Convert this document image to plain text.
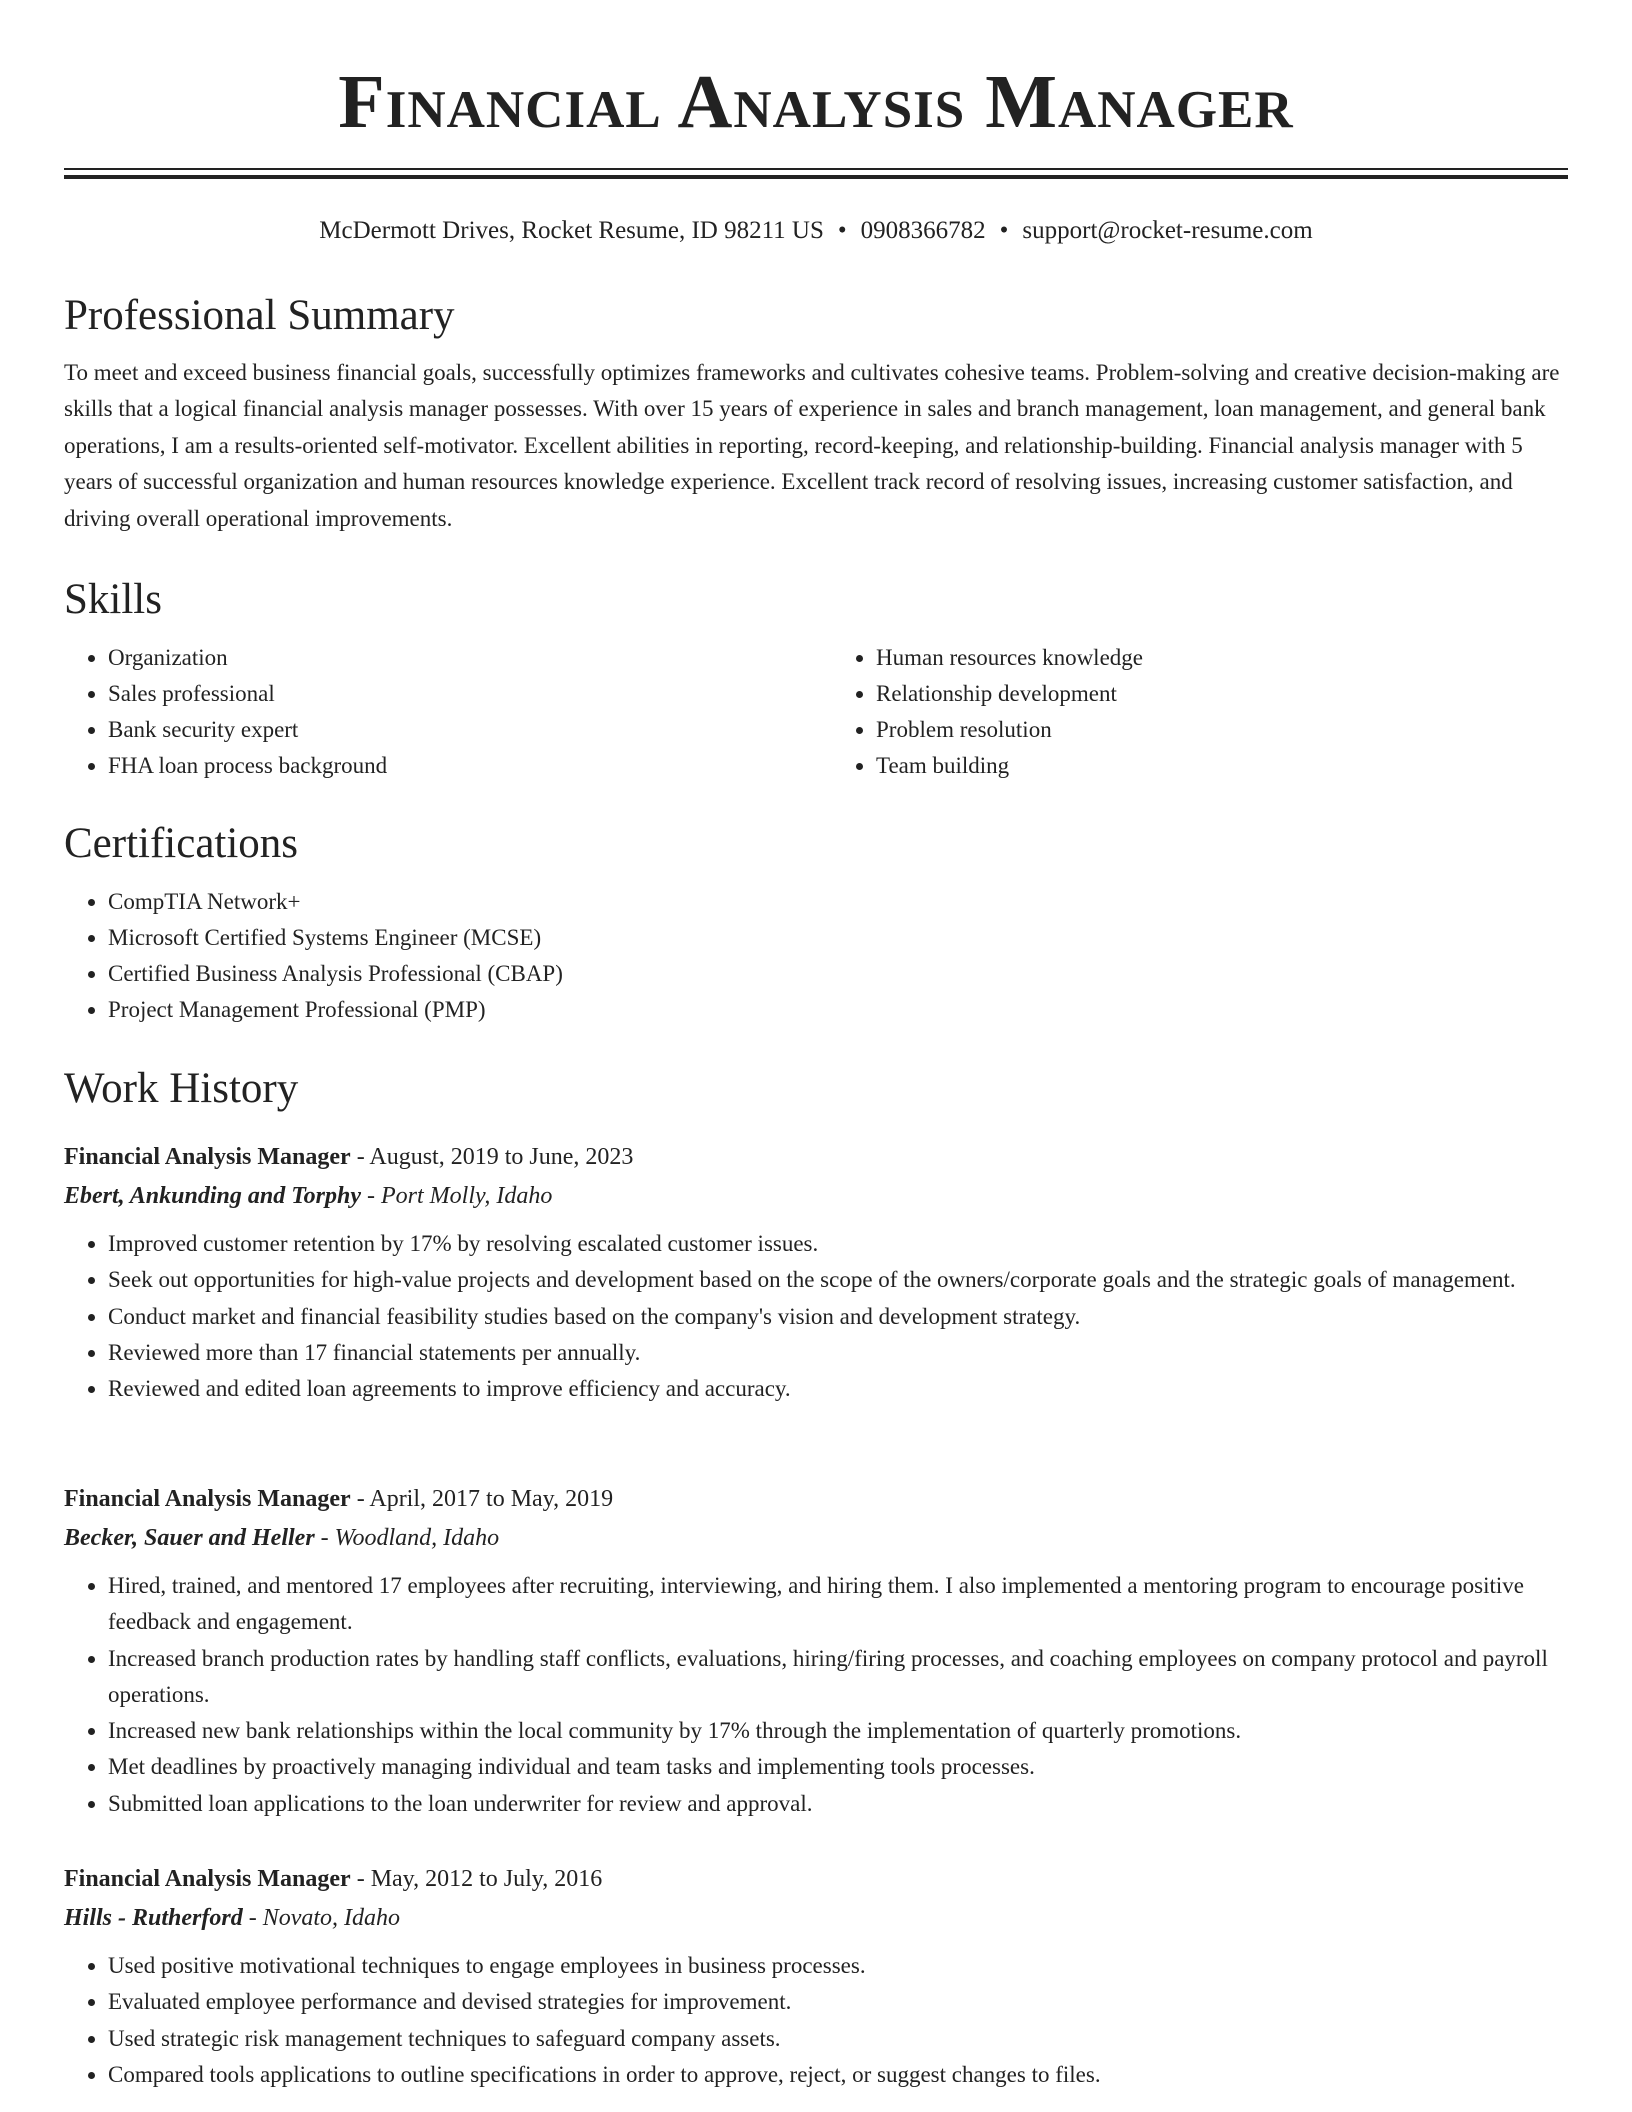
Financial Analysis Manager
McDermott Drives, Rocket Resume, ID 98211 US • 0908366782 • support@rocket-resume.com
Professional Summary

To meet and exceed business financial goals, successfully optimizes frameworks and cultivates cohesive teams. Problem-solving and creative decision-making are skills that a logical financial analysis manager possesses. With over 15 years of experience in sales and branch management, loan management, and general bank operations, I am a results-oriented self-motivator. Excellent abilities in reporting, record-keeping, and relationship-building. Financial analysis manager with 5 years of successful organization and human resources knowledge experience. Excellent track record of resolving issues, increasing customer satisfaction, and driving overall operational improvements.

Skills
• Organization
• Sales professional
• Bank security expert
• FHA loan process background
• Human resources knowledge
• Relationship development
• Problem resolution
• Team building
Certifications
• CompTIA Network+
• Microsoft Certified Systems Engineer (MCSE)
• Certified Business Analysis Professional (CBAP)
• Project Management Professional (PMP)
Work History

Financial Analysis Manager - August, 2019 to June, 2023

Ebert, Ankunding and Torphy - Port Molly, Idaho

• Improved customer retention by 17% by resolving escalated customer issues.
• Seek out opportunities for high-value projects and development based on the scope of the owners/corporate goals and the strategic goals of management.
• Conduct market and financial feasibility studies based on the company's vision and development strategy.
• Reviewed more than 17 financial statements per annually.
• Reviewed and edited loan agreements to improve efficiency and accuracy.

Financial Analysis Manager - April, 2017 to May, 2019

Becker, Sauer and Heller - Woodland, Idaho

• Hired, trained, and mentored 17 employees after recruiting, interviewing, and hiring them. I also implemented a mentoring program to encourage positive feedback and engagement.
• Increased branch production rates by handling staff conflicts, evaluations, hiring/firing processes, and coaching employees on company protocol and payroll operations.
• Increased new bank relationships within the local community by 17% through the implementation of quarterly promotions.
• Met deadlines by proactively managing individual and team tasks and implementing tools processes.
• Submitted loan applications to the loan underwriter for review and approval.

Financial Analysis Manager - May, 2012 to July, 2016

Hills - Rutherford - Novato, Idaho

• Used positive motivational techniques to engage employees in business processes.
• Evaluated employee performance and devised strategies for improvement.
• Used strategic risk management techniques to safeguard company assets.
• Compared tools applications to outline specifications in order to approve, reject, or suggest changes to files.
